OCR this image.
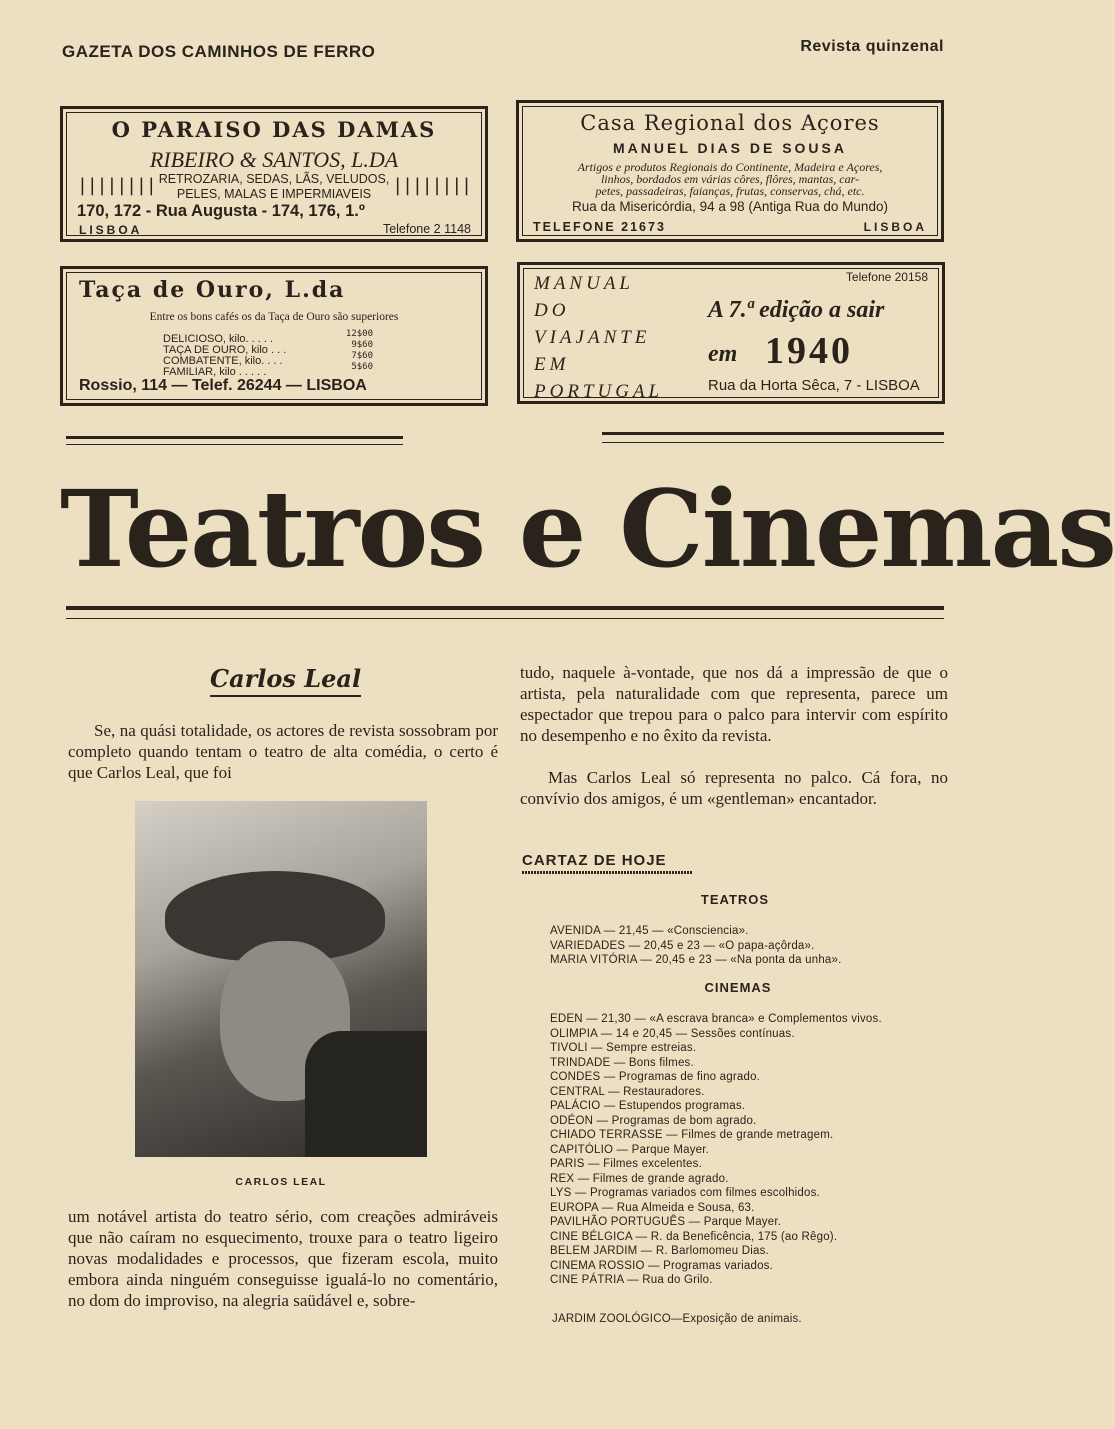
GAZETA DOS CAMINHOS DE FERRO	Revista quinzenal
O PARAISO DAS DAMAS
RIBEIRO & SANTOS, L.DA
||||||||	||||||||
RETROZARIA, SEDAS, LÃS, VELUDOS,
PELES, MALAS E IMPERMIAVEIS
170, 172 - Rua Augusta - 174, 176, 1.º
LISBOA	Telefone 2 1148
Casa Regional dos Açores
MANUEL DIAS DE SOUSA
Artigos e produtos Regionais do Continente, Madeira e Açores,
linhos, bordados em várias côres, flôres, mantas, car-
petes, passadeiras, faianças, frutas, conservas, chá, etc.
Rua da Misericórdia, 94 a 98 (Antiga Rua do Mundo)
TELEFONE 21673	LISBOA
Taça de Ouro, L.da
Entre os bons cafés os da Taça de Ouro são superiores
DELICIOSO, kilo. . . . .	12$00
TAÇA DE OURO, kilo . . .	9$60
COMBATENTE, kilo. . . .	7$60
FAMILIAR, kilo . . . . .	5$60
Rossio, 114 — Telef. 26244 — LISBOA
MANUAL
DO
VIAJANTE
EM
PORTUGAL
Telefone 20158
A 7.ª edição a sair
em 1940
Rua da Horta Sêca, 7 - LISBOA
Teatros e Cinemas
Carlos Leal
Se, na quási totalidade, os actores de revista sossobram por completo quando tentam o teatro de alta comédia, o certo é que Carlos Leal, que foi
CARLOS LEAL
um notável artista do teatro sério, com creações admiráveis que não caíram no esquecimento, trouxe para o teatro ligeiro novas modalidades e processos, que fizeram escola, muito embora ainda ninguém conseguisse igualá-lo no comentário, no dom do improviso, na alegria saüdável e, sobre-
tudo, naquele à-vontade, que nos dá a impressão de que o artista, pela naturalidade com que representa, parece um espectador que trepou para o palco para intervir com espírito no desempenho e no êxito da revista.
Mas Carlos Leal só representa no palco. Cá fora, no convívio dos amigos, é um «gentleman» encantador.
CARTAZ DE HOJE
TEATROS
AVENIDA — 21,45 — «Consciencia».
VARIEDADES — 20,45 e 23 — «O papa-açôrda».
MARIA VITÓRIA — 20,45 e 23 — «Na ponta da unha».
CINEMAS
EDEN — 21,30 — «A escrava branca» e Complementos vivos.
OLIMPIA — 14 e 20,45 — Sessões contínuas.
TIVOLI — Sempre estreias.
TRINDADE — Bons filmes.
CONDES — Programas de fino agrado.
CENTRAL — Restauradores.
PALÁCIO — Estupendos programas.
ODÉON — Programas de bom agrado.
CHIADO TERRASSE — Filmes de grande metragem.
CAPITÓLIO — Parque Mayer.
PARIS — Filmes excelentes.
REX — Filmes de grande agrado.
LYS — Programas variados com filmes escolhidos.
EUROPA — Rua Almeida e Sousa, 63.
PAVILHÃO PORTUGUÊS — Parque Mayer.
CINE BÉLGICA — R. da Beneficência, 175 (ao Rêgo).
BELEM JARDIM — R. Barlomomeu Dias.
CINEMA ROSSIO — Programas variados.
CINE PÁTRIA — Rua do Grilo.
JARDIM ZOOLÓGICO—Exposição de animais.
